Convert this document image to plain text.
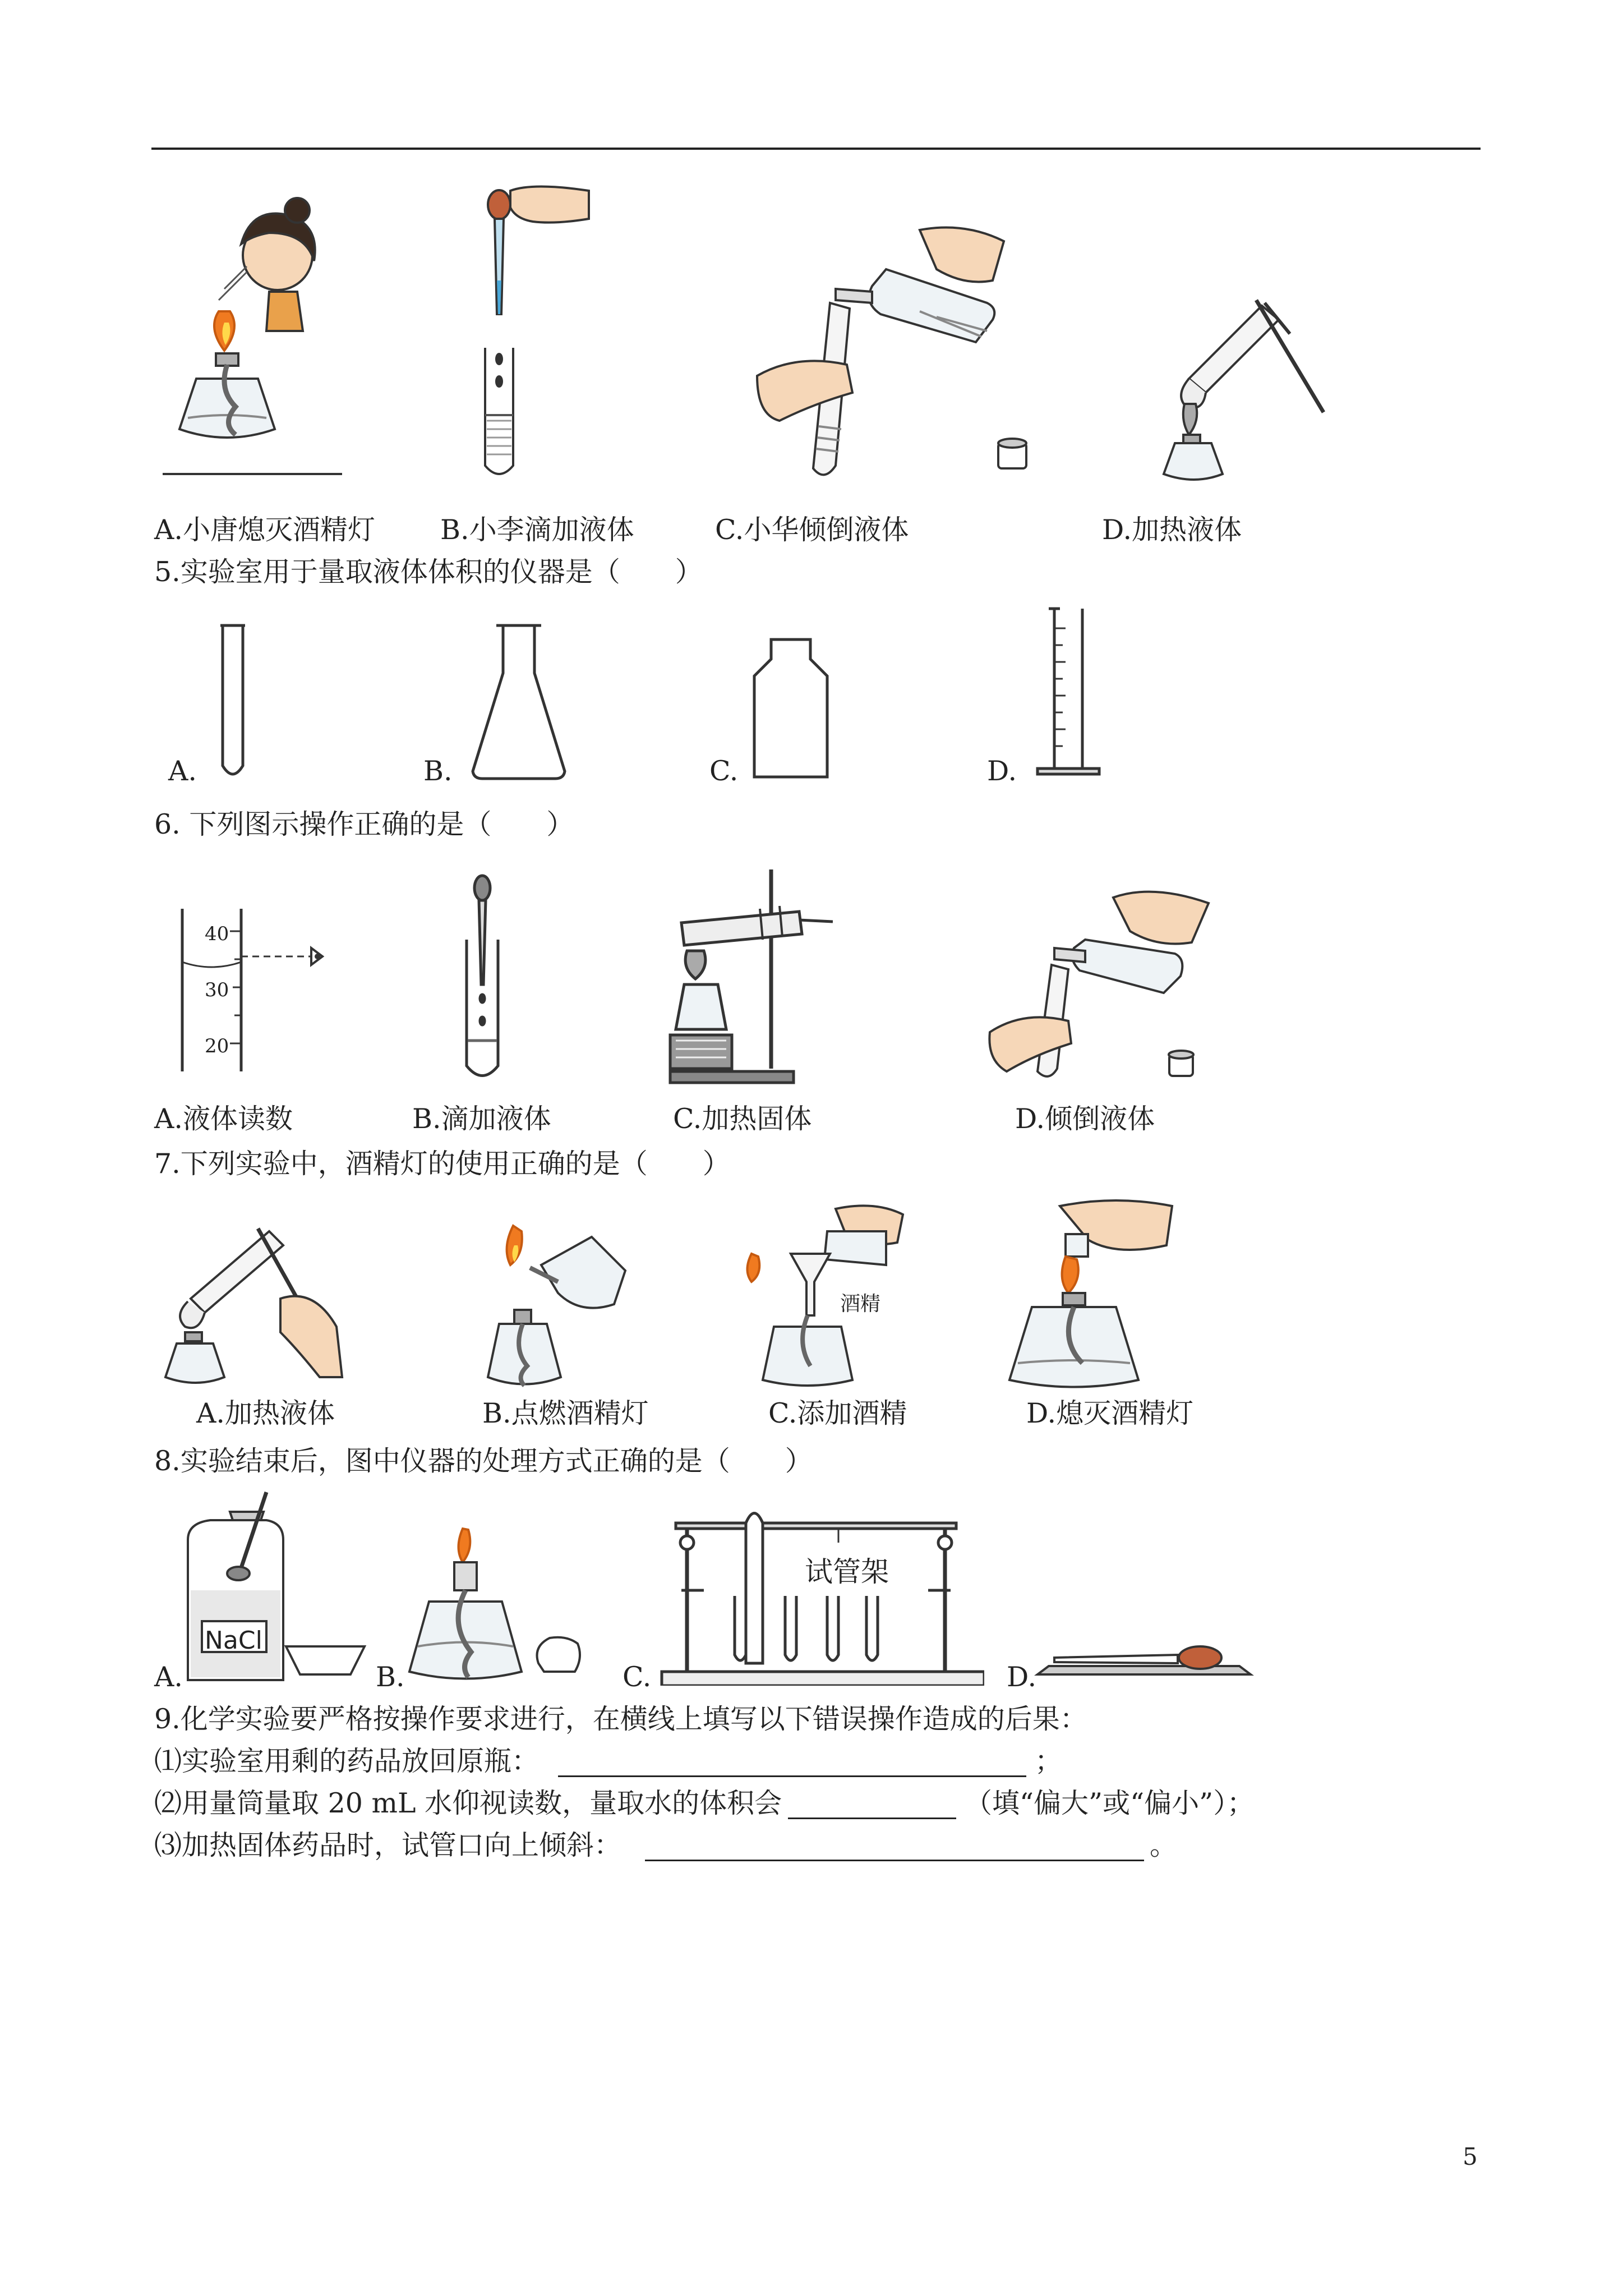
A.小唐熄灭酒精灯 B.小李滴加液体	C.小华倾倒液体	D.加热液体
5.实验室用于量取液体体积的仪器是（　　）
A.	B.	C.	D.
6. 下列图示操作正确的是（　　）
40
30
20
A.液体读数	B.滴加液体	C.加热固体	D.倾倒液体
7.下列实验中，酒精灯的使用正确的是（　　）
酒精
A.加热液体	B.点燃酒精灯	C.添加酒精	D.熄灭酒精灯
8.实验结束后，图中仪器的处理方式正确的是（　　）
NaCl
试管架
A.	B.	C.	D.
9.化学实验要严格按操作要求进行，在横线上填写以下错误操作造成的后果：
⑴实验室用剩的药品放回原瓶：	；
⑵用量筒量取 20 mL 水仰视读数，量取水的体积会	（填“偏大”或“偏小”）；
⑶加热固体药品时，试管口向上倾斜：	。
5
